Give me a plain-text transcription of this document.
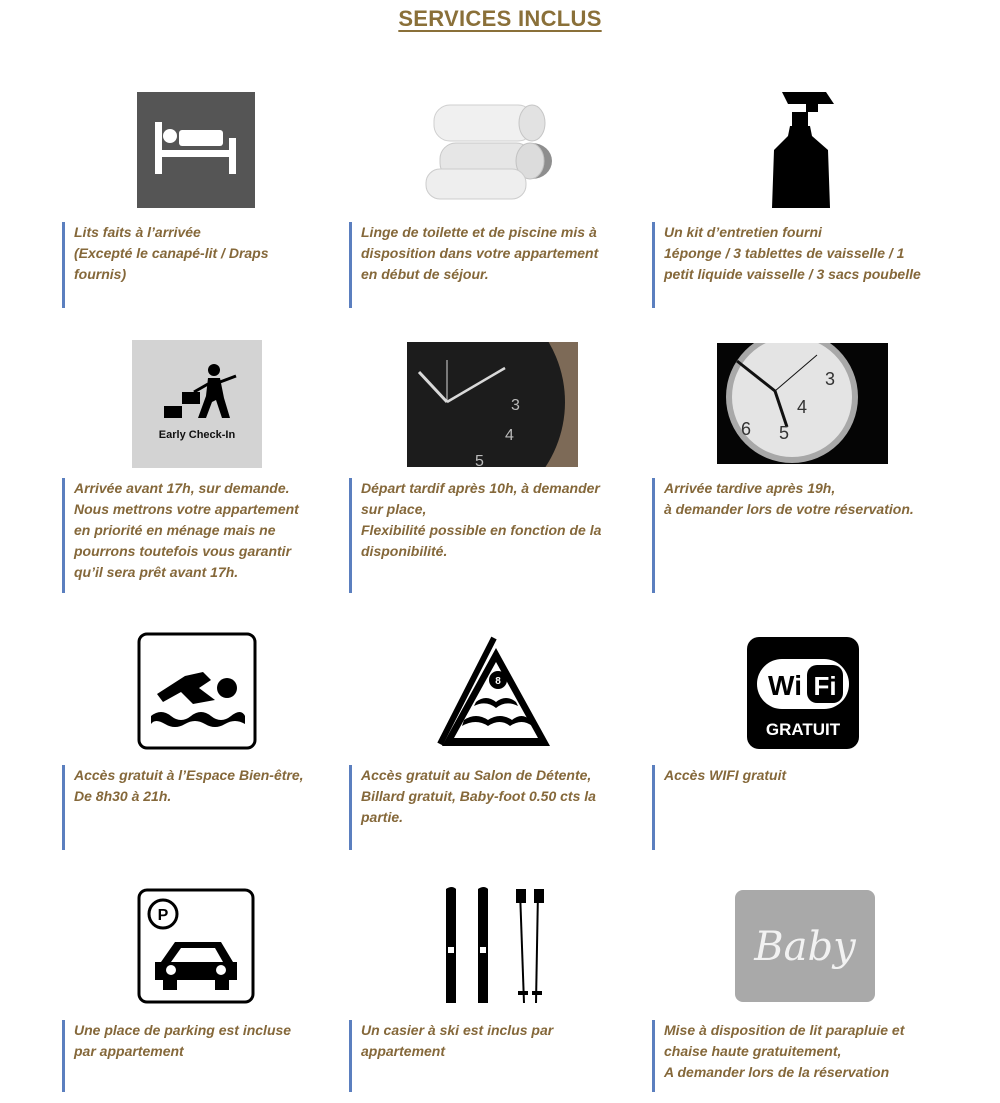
SERVICES INCLUS
Lits faits à l’arrivée
(Excepté le canapé-lit / Draps
fournis)
Linge de toilette et de piscine mis à
disposition dans votre appartement
en début de séjour.
Un kit d’entretien fourni
1éponge / 3 tablettes de vaisselle / 1
petit liquide vaisselle / 3 sacs poubelle
Early Check-In
Arrivée avant 17h, sur demande.
Nous mettrons votre appartement
en priorité en ménage mais ne
pourrons toutefois vous garantir
qu’il sera prêt avant 17h.
3
4
5
Départ tardif après 10h, à demander
sur place,
Flexibilité possible en fonction de la
disponibilité.
3
4
5
6
Arrivée tardive après 19h,
à demander lors de votre réservation.
Accès gratuit à l’Espace Bien-être,
De 8h30 à 21h.
8
Accès gratuit au Salon de Détente,
Billard gratuit, Baby-foot 0.50 cts la
partie.
Wi Fi
GRATUIT
Accès WIFI gratuit
P
Une place de parking est incluse
par appartement
Un casier à ski est inclus par
appartement
Baby
Mise à disposition de lit parapluie et
chaise haute gratuitement,
A demander lors de la réservation
